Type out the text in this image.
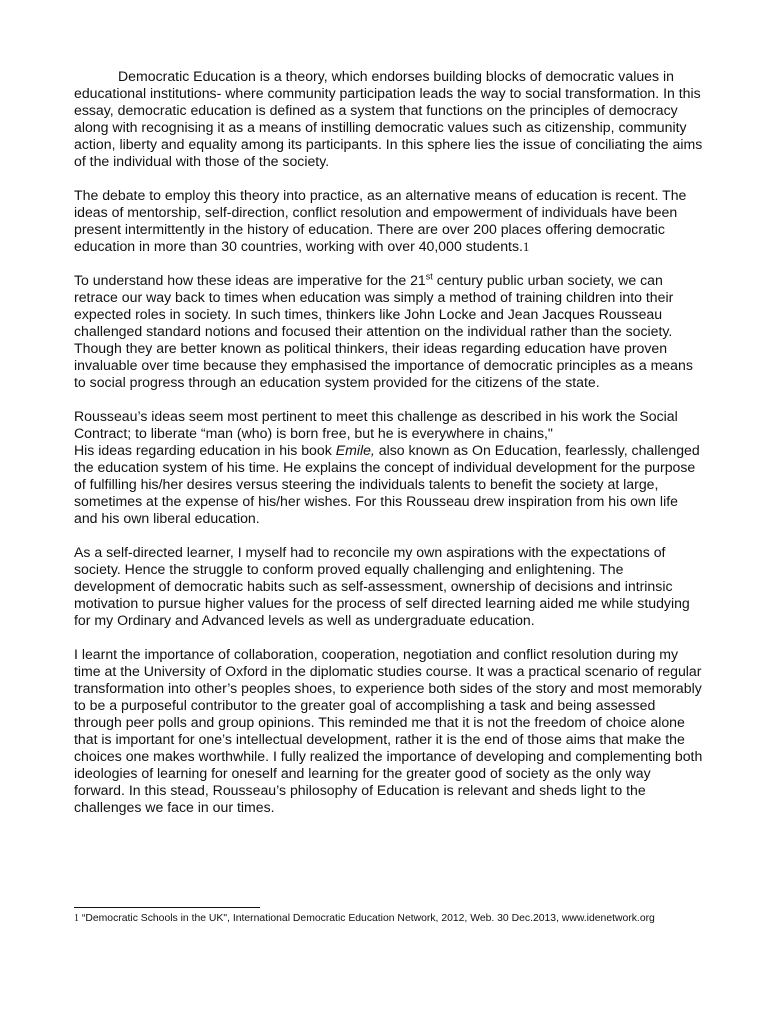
Democratic Education is a theory, which endorses building blocks of democratic values in educational institutions- where community participation leads the way to social transformation. In this essay, democratic education is defined as a system that functions on the principles of democracy along with recognising it as a means of instilling democratic values such as citizenship, community action, liberty and equality among its participants. In this sphere lies the issue of conciliating the aims of the individual with those of the society.

The debate to employ this theory into practice, as an alternative means of education is recent. The ideas of mentorship, self-direction, conflict resolution and empowerment of individuals have been present intermittently in the history of education. There are over 200 places offering democratic education in more than 30 countries, working with over 40,000 students.1

To understand how these ideas are imperative for the 21st century public urban society, we can retrace our way back to times when education was simply a method of training children into their expected roles in society. In such times, thinkers like John Locke and Jean Jacques Rousseau challenged standard notions and focused their attention on the individual rather than the society. Though they are better known as political thinkers, their ideas regarding education have proven invaluable over time because they emphasised the importance of democratic principles as a means to social progress through an education system provided for the citizens of the state.

Rousseau’s ideas seem most pertinent to meet this challenge as described in his work the Social Contract; to liberate “man (who) is born free, but he is everywhere in chains,"
His ideas regarding education in his book Emile, also known as On Education, fearlessly, challenged the education system of his time. He explains the concept of individual development for the purpose of fulfilling his/her desires versus steering the individuals talents to benefit the society at large, sometimes at the expense of his/her wishes. For this Rousseau drew inspiration from his own life and his own liberal education.

As a self-directed learner, I myself had to reconcile my own aspirations with the expectations of society. Hence the struggle to conform proved equally challenging and enlightening. The development of democratic habits such as self-assessment, ownership of decisions and intrinsic motivation to pursue higher values for the process of self directed learning aided me while studying for my Ordinary and Advanced levels as well as undergraduate education.

I learnt the importance of collaboration, cooperation, negotiation and conflict resolution during my time at the University of Oxford in the diplomatic studies course. It was a practical scenario of regular transformation into other’s peoples shoes, to experience both sides of the story and most memorably to be a purposeful contributor to the greater goal of accomplishing a task and being assessed through peer polls and group opinions. This reminded me that it is not the freedom of choice alone that is important for one’s intellectual development, rather it is the end of those aims that make the choices one makes worthwhile. I fully realized the importance of developing and complementing both ideologies of learning for oneself and learning for the greater good of society as the only way forward. In this stead, Rousseau’s philosophy of Education is relevant and sheds light to the challenges we face in our times.

1 “Democratic Schools in the UK", International Democratic Education Network, 2012, Web. 30 Dec.2013, www.idenetwork.org
